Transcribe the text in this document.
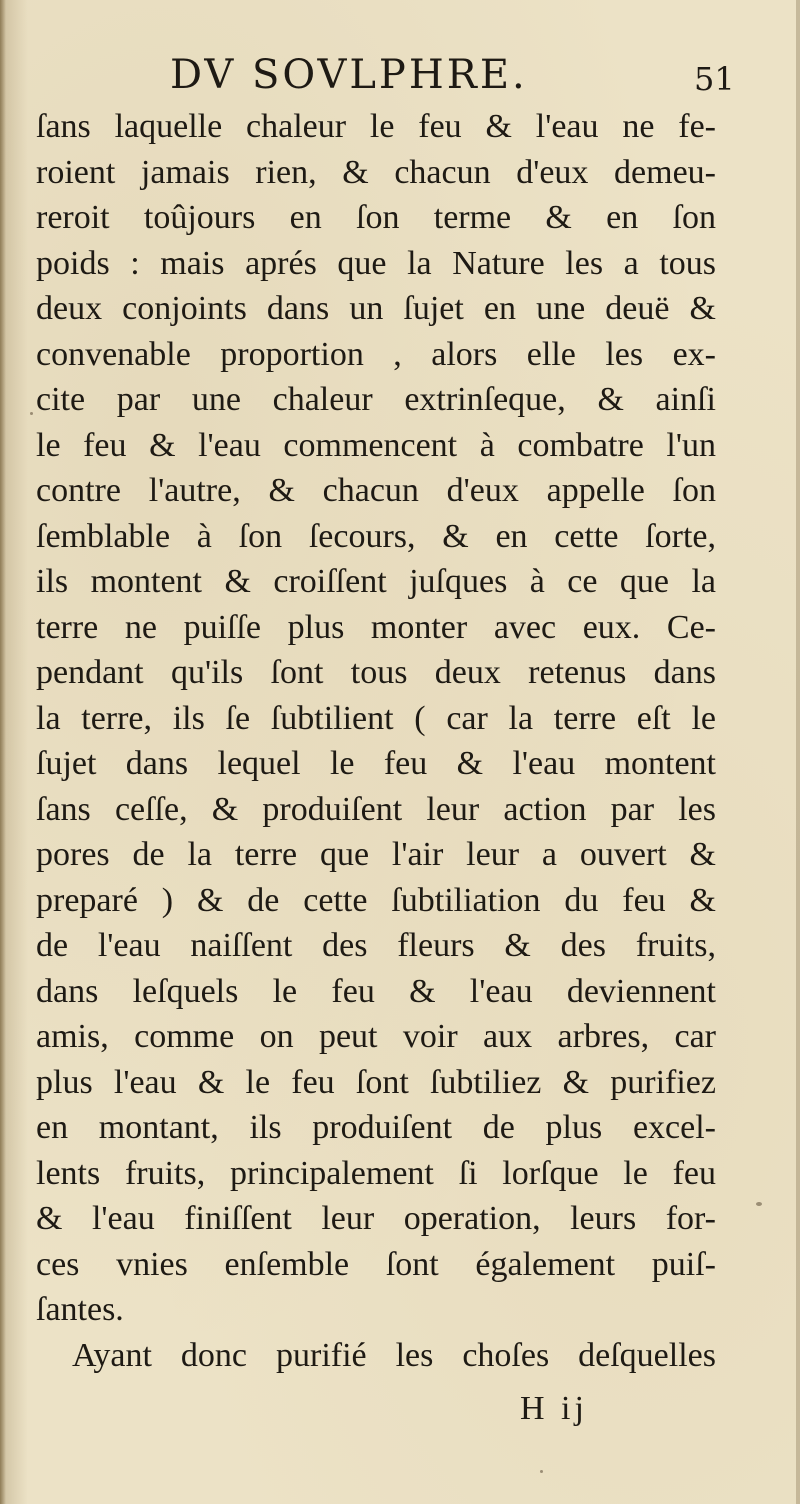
DV SOVLPHRE.	51
ſans laquelle chaleur le feu & l'eau ne fe-
roient jamais rien, & chacun d'eux demeu-
reroit toûjours en ſon terme & en ſon
poids : mais aprés que la Nature les a tous
deux conjoints dans un ſujet en une deuë &
convenable proportion , alors elle les ex-
cite par une chaleur extrinſeque, & ainſi
le feu & l'eau commencent à combatre l'un
contre l'autre, & chacun d'eux appelle ſon
ſemblable à ſon ſecours, & en cette ſorte,
ils montent & croiſſent juſques à ce que la
terre ne puiſſe plus monter avec eux. Ce-
pendant qu'ils ſont tous deux retenus dans
la terre, ils ſe ſubtilient ( car la terre eſt le
ſujet dans lequel le feu & l'eau montent
ſans ceſſe, & produiſent leur action par les
pores de la terre que l'air leur a ouvert &
preparé ) & de cette ſubtiliation du feu &
de l'eau naiſſent des fleurs & des fruits,
dans leſquels le feu & l'eau deviennent
amis, comme on peut voir aux arbres, car
plus l'eau & le feu ſont ſubtiliez & purifiez
en montant, ils produiſent de plus excel-
lents fruits, principalement ſi lorſque le feu
& l'eau finiſſent leur operation, leurs for-
ces vnies enſemble ſont également puiſ-
ſantes.
Ayant donc purifié les choſes deſquelles
H ij
